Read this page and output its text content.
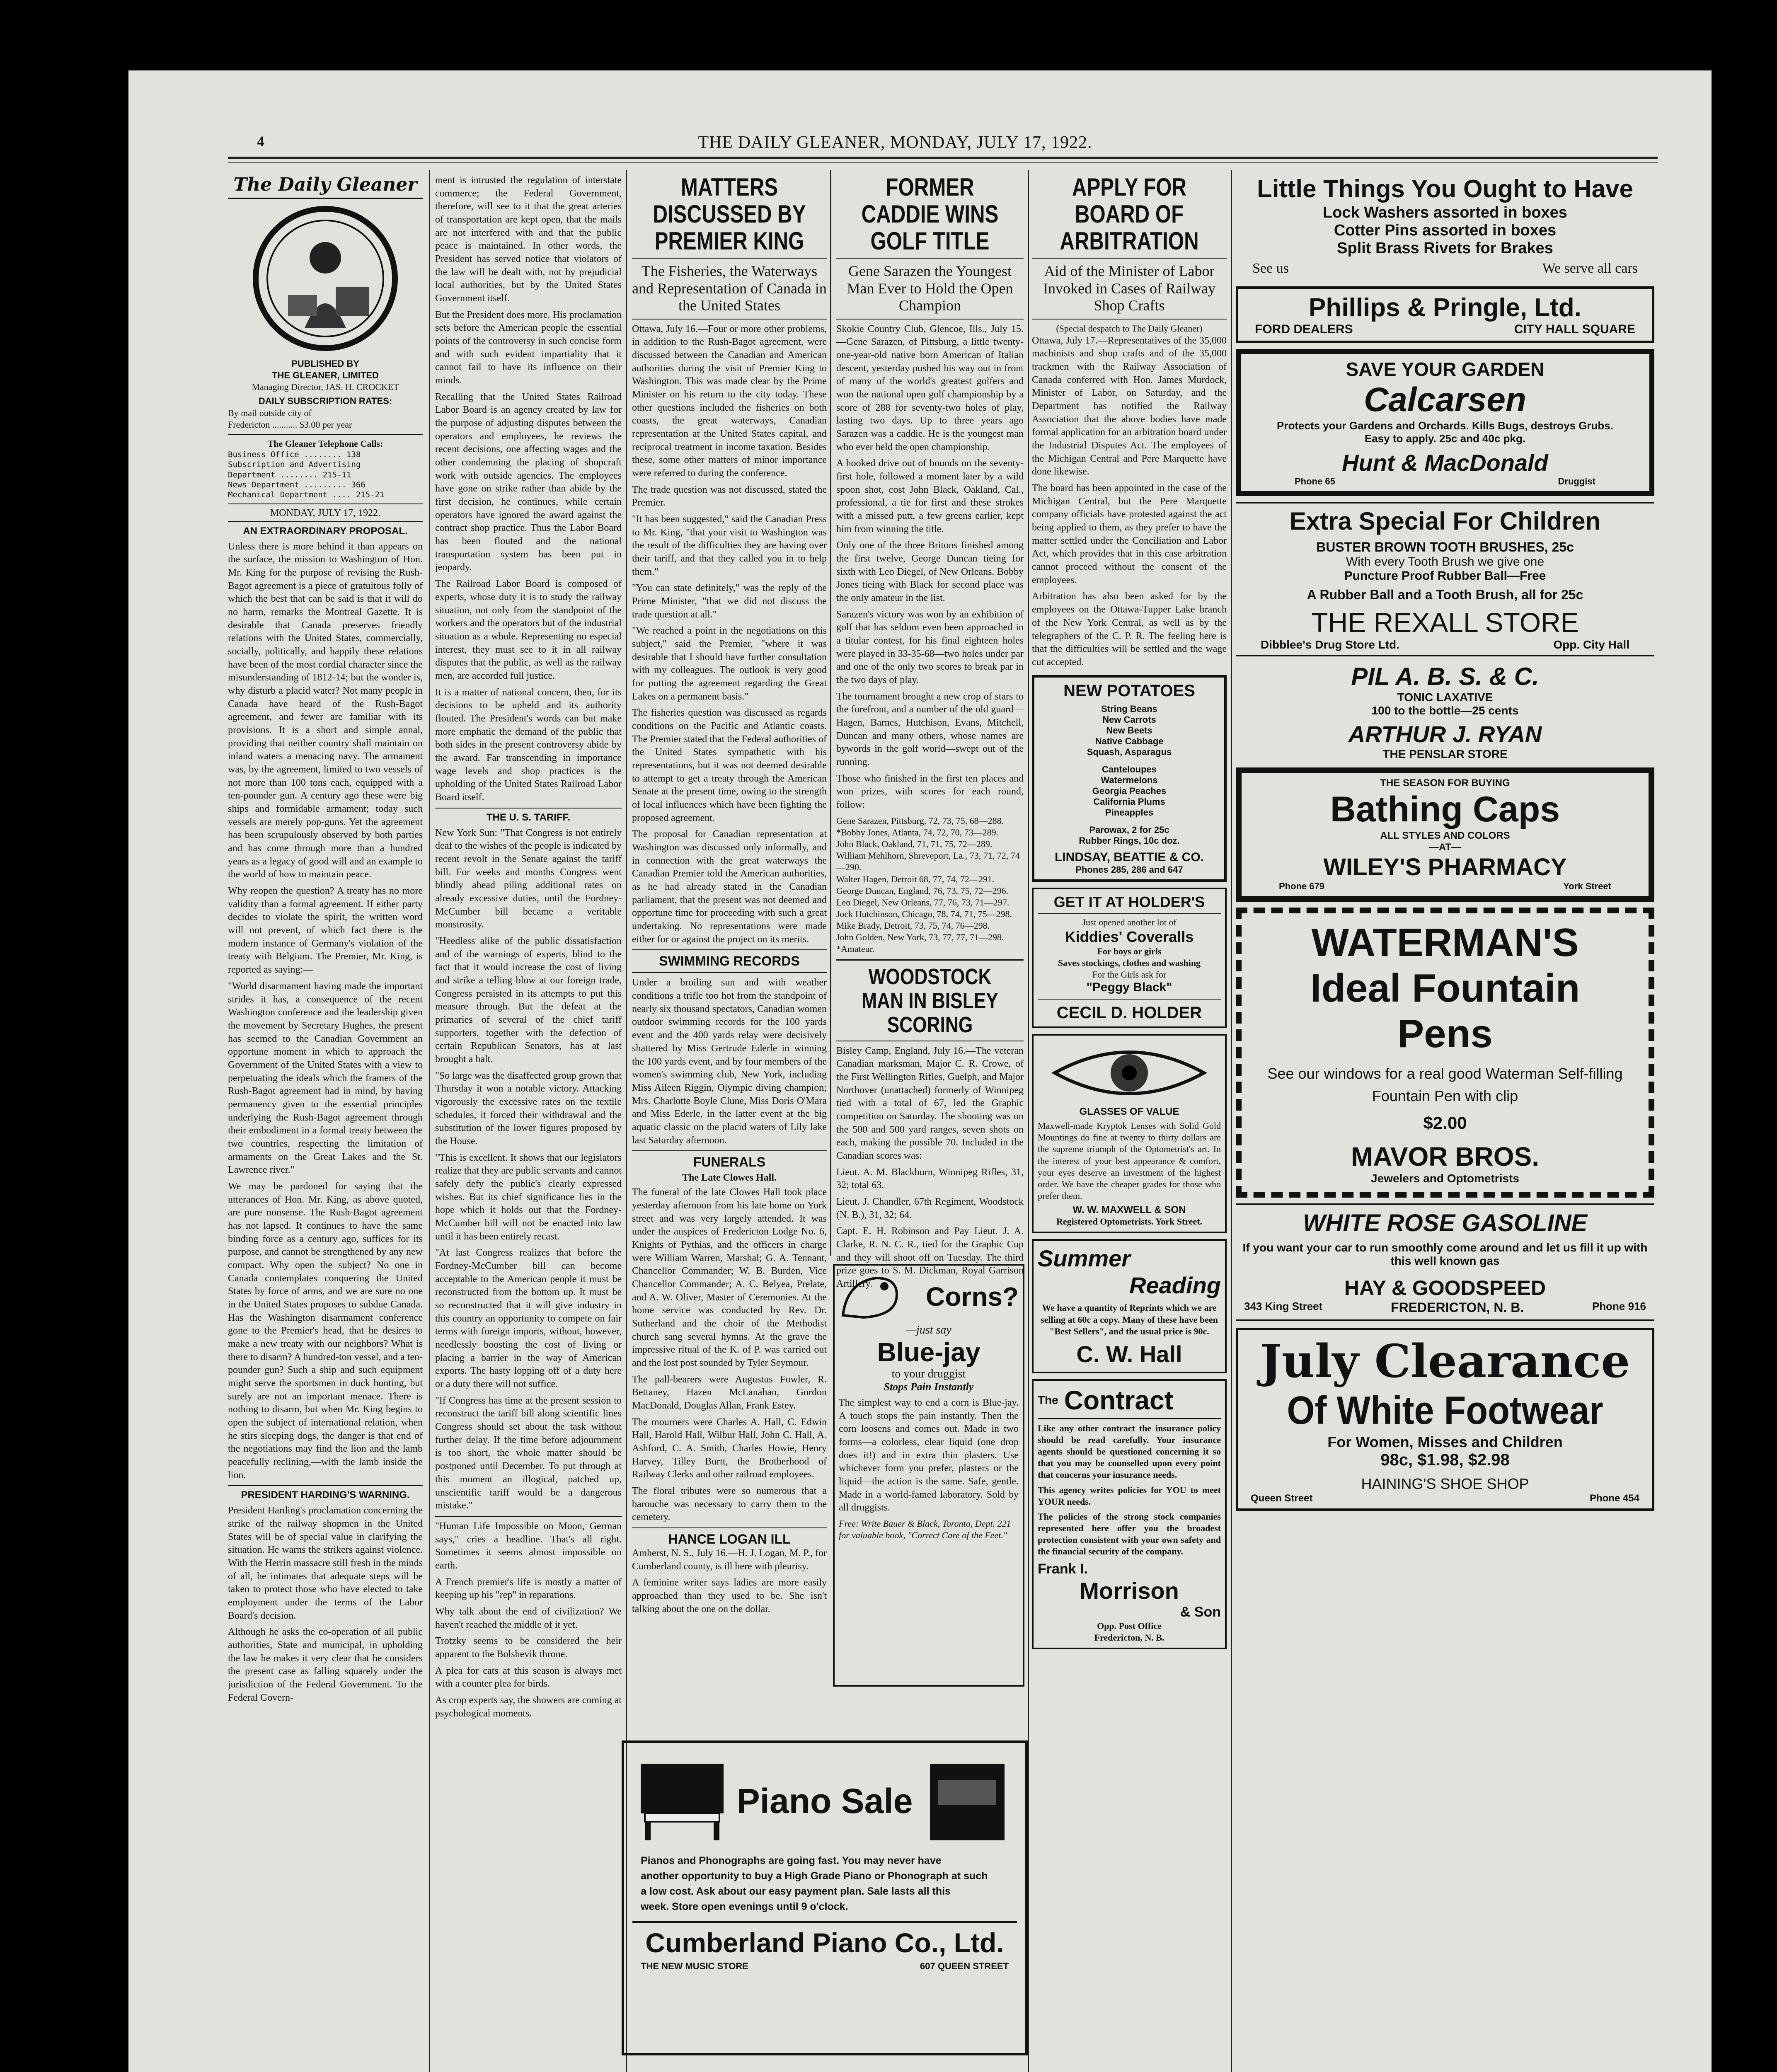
4	THE DAILY GLEANER, MONDAY, JULY 17, 1922.
The Daily Gleaner
PUBLISHED BY
THE GLEANER, LIMITED
Managing Director, JAS. H. CROCKET
DAILY SUBSCRIPTION RATES:
By mail outside city of
Fredericton ........... $3.00 per year
The Gleaner Telephone Calls:
Business Office ........ 138
Subscription and Advertising
Department ........ 215-11
News Department ......... 366
Mechanical Department .... 215-21
MONDAY, JULY 17, 1922.
AN EXTRAORDINARY PROPOSAL.

Unless there is more behind it than appears on the surface, the mission to Washington of Hon. Mr. King for the purpose of revising the Rush-Bagot agreement is a piece of gratuitous folly of which the best that can be said is that it will do no harm, remarks the Montreal Gazette. It is desirable that Canada preserves friendly relations with the United States, commercially, socially, politically, and happily these relations have been of the most cordial character since the misunderstanding of 1812-14; but the wonder is, why disturb a placid water? Not many people in Canada have heard of the Rush-Bagot agreement, and fewer are familiar with its provisions. It is a short and simple annal, providing that neither country shall maintain on inland waters a menacing navy. The armament was, by the agreement, limited to two vessels of not more than 100 tons each, equipped with a ten-pounder gun. A century ago these were big ships and formidable armament; today such vessels are merely pop-guns. Yet the agreement has been scrupulously observed by both parties and has come through more than a hundred years as a legacy of good will and an example to the world of how to maintain peace.

Why reopen the question? A treaty has no more validity than a formal agreement. If either party decides to violate the spirit, the written word will not prevent, of which fact there is the modern instance of Germany's violation of the treaty with Belgium. The Premier, Mr. King, is reported as saying:—

"World disarmament having made the important strides it has, a consequence of the recent Washington conference and the leadership given the movement by Secretary Hughes, the present has seemed to the Canadian Government an opportune moment in which to approach the Government of the United States with a view to perpetuating the ideals which the framers of the Rush-Bagot agreement had in mind, by having permanency given to the essential principles underlying the Rush-Bagot agreement through their embodiment in a formal treaty between the two countries, respecting the limitation of armaments on the Great Lakes and the St. Lawrence river."

We may be pardoned for saying that the utterances of Hon. Mr. King, as above quoted, are pure nonsense. The Rush-Bagot agreement has not lapsed. It continues to have the same binding force as a century ago, suffices for its purpose, and cannot be strengthened by any new compact. Why open the subject? No one in Canada contemplates conquering the United States by force of arms, and we are sure no one in the United States proposes to subdue Canada. Has the Washington disarmament conference gone to the Premier's head, that he desires to make a new treaty with our neighbors? What is there to disarm? A hundred-ton vessel, and a ten-pounder gun? Such a ship and such equipment might serve the sportsmen in duck hunting, but surely are not an important menace. There is nothing to disarm, but when Mr. King begins to open the subject of international relation, when he stirs sleeping dogs, the danger is that end of the negotiations may find the lion and the lamb peacefully reclining,—with the lamb inside the lion.

PRESIDENT HARDING'S WARNING.

President Harding's proclamation concerning the strike of the railway shopmen in the United States will be of special value in clarifying the situation. He warns the strikers against violence. With the Herrin massacre still fresh in the minds of all, he intimates that adequate steps will be taken to protect those who have elected to take employment under the terms of the Labor Board's decision.

Although he asks the co-operation of all public authorities, State and municipal, in upholding the law he makes it very clear that he considers the present case as falling squarely under the jurisdiction of the Federal Government. To the Federal Govern-

ment is intrusted the regulation of interstate commerce; the Federal Government, therefore, will see to it that the great arteries of transportation are kept open, that the mails are not interfered with and that the public peace is maintained. In other words, the President has served notice that violators of the law will be dealt with, not by prejudicial local authorities, but by the United States Government itself.

But the President does more. His proclamation sets before the American people the essential points of the controversy in such concise form and with such evident impartiality that it cannot fail to have its influence on their minds.

Recalling that the United States Railroad Labor Board is an agency created by law for the purpose of adjusting disputes between the operators and employees, he reviews the recent decisions, one affecting wages and the other condemning the placing of shopcraft work with outside agencies. The employees have gone on strike rather than abide by the first decision, he continues, while certain operators have ignored the award against the contract shop practice. Thus the Labor Board has been flouted and the national transportation system has been put in jeopardy.

The Railroad Labor Board is composed of experts, whose duty it is to study the railway situation, not only from the standpoint of the workers and the operators but of the industrial situation as a whole. Representing no especial interest, they must see to it in all railway disputes that the public, as well as the railway men, are accorded full justice.

It is a matter of national concern, then, for its decisions to be upheld and its authority flouted. The President's words can but make more emphatic the demand of the public that both sides in the present controversy abide by the award. Far transcending in importance wage levels and shop practices is the upholding of the United States Railroad Labor Board itself.

THE U. S. TARIFF.

New York Sun: "That Congress is not entirely deaf to the wishes of the people is indicated by recent revolt in the Senate against the tariff bill. For weeks and months Congress went blindly ahead piling additional rates on already excessive duties, until the Fordney-McCumber bill became a veritable monstrosity.

"Heedless alike of the public dissatisfaction and of the warnings of experts, blind to the fact that it would increase the cost of living and strike a telling blow at our foreign trade, Congress persisted in its attempts to put this measure through. But the defeat at the primaries of several of the chief tariff supporters, together with the defection of certain Republican Senators, has at last brought a halt.

"So large was the disaffected group grown that Thursday it won a notable victory. Attacking vigorously the excessive rates on the textile schedules, it forced their withdrawal and the substitution of the lower figures proposed by the House.

"This is excellent. It shows that our legislators realize that they are public servants and cannot safely defy the public's clearly expressed wishes. But its chief significance lies in the hope which it holds out that the Fordney-McCumber bill will not be enacted into law until it has been entirely recast.

"At last Congress realizes that before the Fordney-McCumber bill can become acceptable to the American people it must be reconstructed from the bottom up. It must be so reconstructed that it will give industry in this country an opportunity to compete on fair terms with foreign imports, without, however, needlessly boosting the cost of living or placing a barrier in the way of American exports. The hasty lopping off of a duty here or a duty there will not suffice.

"If Congress has time at the present session to reconstruct the tariff bill along scientific lines Congress should set about the task without further delay. If the time before adjournment is too short, the whole matter should be postponed until December. To put through at this moment an illogical, patched up, unscientific tariff would be a dangerous mistake."

"Human Life Impossible on Moon, German says," cries a headline. That's all right. Sometimes it seems almost impossible on earth.

A French premier's life is mostly a matter of keeping up his "rep" in reparations.

Why talk about the end of civilization? We haven't reached the middle of it yet.

Trotzky seems to be considered the heir apparent to the Bolshevik throne.

A plea for cats at this season is always met with a counter plea for birds.

As crop experts say, the showers are coming at psychological moments.

MATTERS DISCUSSED BY PREMIER KING
The Fisheries, the Waterways and Representation of Canada in the United States

Ottawa, July 16.—Four or more other problems, in addition to the Rush-Bagot agreement, were discussed between the Canadian and American authorities during the visit of Premier King to Washington. This was made clear by the Prime Minister on his return to the city today. These other questions included the fisheries on both coasts, the great waterways, Canadian representation at the United States capital, and reciprocal treatment in income taxation. Besides these, some other matters of minor importance were referred to during the conference.

The trade question was not discussed, stated the Premier.

"It has been suggested," said the Canadian Press to Mr. King, "that your visit to Washington was the result of the difficulties they are having over their tariff, and that they called you in to help them."

"You can state definitely," was the reply of the Prime Minister, "that we did not discuss the trade question at all."

"We reached a point in the negotiations on this subject," said the Premier, "where it was desirable that I should have further consultation with my colleagues. The outlook is very good for putting the agreement regarding the Great Lakes on a permanent basis."

The fisheries question was discussed as regards conditions on the Pacific and Atlantic coasts. The Premier stated that the Federal authorities of the United States sympathetic with his representations, but it was not deemed desirable to attempt to get a treaty through the American Senate at the present time, owing to the strength of local influences which have been fighting the proposed agreement.

The proposal for Canadian representation at Washington was discussed only informally, and in connection with the great waterways the Canadian Premier told the American authorities, as he had already stated in the Canadian parliament, that the present was not deemed and opportune time for proceeding with such a great undertaking. No representations were made either for or against the project on its merits.

SWIMMING RECORDS

Under a broiling sun and with weather conditions a trifle too hot from the standpoint of nearly six thousand spectators, Canadian women outdoor swimming records for the 100 yards event and the 400 yards relay were decisively shattered by Miss Gertrude Ederle in winning the 100 yards event, and by four members of the women's swimming club, New York, including Miss Aileen Riggin, Olympic diving champion; Mrs. Charlotte Boyle Clune, Miss Doris O'Mara and Miss Ederle, in the latter event at the big aquatic classic on the placid waters of Lily lake last Saturday afternoon.

FUNERALS
The Late Clowes Hall.

The funeral of the late Clowes Hall took place yesterday afternoon from his late home on York street and was very largely attended. It was under the auspices of Fredericton Lodge No. 6, Knights of Pythias, and the officers in charge were William Warren, Marshal; G. A. Tennant, Chancellor Commander; W. B. Burden, Vice Chancellor Commander; A. C. Belyea, Prelate, and A. W. Oliver, Master of Ceremonies. At the home service was conducted by Rev. Dr. Sutherland and the choir of the Methodist church sang several hymns. At the grave the impressive ritual of the K. of P. was carried out and the lost post sounded by Tyler Seymour.

The pall-bearers were Augustus Fowler, R. Bettaney, Hazen McLanahan, Gordon MacDonald, Douglas Allan, Frank Estey.

The mourners were Charles A. Hall, C. Edwin Hall, Harold Hall, Wilbur Hall, John C. Hall, A. Ashford, C. A. Smith, Charles Howie, Henry Harvey, Tilley Burtt, the Brotherhood of Railway Clerks and other railroad employees.

The floral tributes were so numerous that a barouche was necessary to carry them to the cemetery.

HANCE LOGAN ILL

Amherst, N. S., July 16.—H. J. Logan, M. P., for Cumberland county, is ill here with pleurisy.

A feminine writer says ladies are more easily approached than they used to be. She isn't talking about the one on the dollar.

FORMER CADDIE WINS GOLF TITLE
Gene Sarazen the Youngest Man Ever to Hold the Open Champion

Skokie Country Club, Glencoe, Ills., July 15.—Gene Sarazen, of Pittsburg, a little twenty-one-year-old native born American of Italian descent, yesterday pushed his way out in front of many of the world's greatest golfers and won the national open golf championship by a score of 288 for seventy-two holes of play, lasting two days. Up to three years ago Sarazen was a caddie. He is the youngest man who ever held the open championship.

A hooked drive out of bounds on the seventy-first hole, followed a moment later by a wild spoon shot, cost John Black, Oakland, Cal., professional, a tie for first and these strokes with a missed putt, a few greens earlier, kept him from winning the title.

Only one of the three Britons finished among the first twelve, George Duncan tieing for sixth with Leo Diegel, of New Orleans. Bobby Jones tieing with Black for second place was the only amateur in the list.

Sarazen's victory was won by an exhibition of golf that has seldom even been approached in a titular contest, for his final eighteen holes were played in 33-35-68—two holes under par and one of the only two scores to break par in the two days of play.

The tournament brought a new crop of stars to the forefront, and a number of the old guard—Hagen, Barnes, Hutchison, Evans, Mitchell, Duncan and many others, whose names are bywords in the golf world—swept out of the running.

Those who finished in the first ten places and won prizes, with scores for each round, follow:

Gene Sarazen, Pittsburg, 72, 73, 75, 68—288.
*Bobby Jones, Atlanta, 74, 72, 70, 73—289.
John Black, Oakland, 71, 71, 75, 72—289.
William Mehlhorn, Shreveport, La., 73, 71, 72, 74—290.
Walter Hagen, Detroit 68, 77, 74, 72—291.
George Duncan, England, 76, 73, 75, 72—296.
Leo Diegel, New Orleans, 77, 76, 73, 71—297.
Jock Hutchinson, Chicago, 78, 74, 71, 75—298.
Mike Brady, Detroit, 73, 75, 74, 76—298.
John Golden, New York, 73, 77, 77, 71—298.
*Amateur.
WOODSTOCK MAN IN BISLEY SCORING

Bisley Camp, England, July 16.—The veteran Canadian marksman, Major C. R. Crowe, of the First Wellington Rifles, Guelph, and Major Northover (unattached) formerly of Winnipeg tied with a total of 67, led the Graphic competition on Saturday. The shooting was on the 500 and 500 yard ranges, seven shots on each, making the possible 70. Included in the Canadian scores was:

Lieut. A. M. Blackburn, Winnipeg Rifles, 31, 32; total 63.

Lieut. J. Chandler, 67th Regiment, Woodstock (N. B.), 31, 32; 64.

Capt. E. H. Robinson and Pay Lieut. J. A. Clarke, R. N. C. R., tied for the Graphic Cup and they will shoot off on Tuesday. The third prize goes to S. M. Dickman, Royal Garrison Artillery.	Corns?
—just say
Blue-jay
to your druggist
Stops Pain Instantly

The simplest way to end a corn is Blue-jay. A touch stops the pain instantly. Then the corn loosens and comes out. Made in two forms—a colorless, clear liquid (one drop does it!) and in extra thin plasters. Use whichever form you prefer, plasters or the liquid—the action is the same. Safe, gentle. Made in a world-famed laboratory. Sold by all druggists.

Free: Write Bauer & Black, Toronto, Dept. 221 for valuable book, "Correct Care of the Feet."

Piano Sale
Pianos and Phonographs are going fast. You may never have
another opportunity to buy a High Grade Piano or Phonograph at such
a low cost. Ask about our easy payment plan. Sale lasts all this
week. Store open evenings until 9 o'clock.
Cumberland Piano Co., Ltd.
THE NEW MUSIC STORE	607 QUEEN STREET
APPLY FOR BOARD OF ARBITRATION
Aid of the Minister of Labor Invoked in Cases of Railway Shop Crafts
(Special despatch to The Daily Gleaner)

Ottawa, July 17.—Representatives of the 35,000 machinists and shop crafts and of the 35,000 trackmen with the Railway Association of Canada conferred with Hon. James Murdock, Minister of Labor, on Saturday, and the Department has notified the Railway Association that the above bodies have made formal application for an arbitration board under the Industrial Disputes Act. The employees of the Michigan Central and Pere Marquette have done likewise.

The board has been appointed in the case of the Michigan Central, but the Pere Marquette company officials have protested against the act being applied to them, as they prefer to have the matter settled under the Conciliation and Labor Act, which provides that in this case arbitration cannot proceed without the consent of the employees.

Arbitration has also been asked for by the employees on the Ottawa-Tupper Lake branch of the New York Central, as well as by the telegraphers of the C. P. R. The feeling here is that the difficulties will be settled and the wage cut accepted.

NEW POTATOES
String Beans
New Carrots
New Beets
Native Cabbage
Squash, Asparagus
Canteloupes
Watermelons
Georgia Peaches
California Plums
Pineapples
Parowax, 2 for 25c
Rubber Rings, 10c doz.
LINDSAY, BEATTIE & CO.
Phones 285, 286 and 647
GET IT AT HOLDER'S
Just opened another lot of
Kiddies' Coveralls
For boys or girls
Saves stockings, clothes and washing
For the Girls ask for
"Peggy Black"
CECIL D. HOLDER
GLASSES OF VALUE

Maxwell-made Kryptok Lenses with Solid Gold Mountings do fine at twenty to thirty dollars are the supreme triumph of the Optometrist's art. In the interest of your best appearance & comfort, your eyes deserve an investment of the highest order. We have the cheaper grades for those who prefer them.

W. W. MAXWELL & SON
Registered Optometrists. York Street.
Summer
Reading

We have a quantity of Reprints which we are selling at 60c a copy. Many of these have been "Best Sellers", and the usual price is 90c.

C. W. Hall
The Contract

Like any other contract the insurance policy should be read carefully. Your insurance agents should be questioned concerning it so that you may be counselled upon every point that concerns your insurance needs.

This agency writes policies for YOU to meet YOUR needs.

The policies of the strong stock companies represented here offer you the broadest protection consistent with your own safety and the financial security of the company.

Frank I.
Morrison
& Son
Opp. Post Office
Fredericton, N. B.
Little Things You Ought to Have
Lock Washers assorted in boxes
Cotter Pins assorted in boxes
Split Brass Rivets for Brakes
See us	We serve all cars
Phillips & Pringle, Ltd.
FORD DEALERS	CITY HALL SQUARE
SAVE YOUR GARDEN
Calcarsen
Protects your Gardens and Orchards. Kills Bugs, destroys Grubs. Easy to apply. 25c and 40c pkg.
Hunt & MacDonald
Phone 65	Druggist
Extra Special For Children
BUSTER BROWN TOOTH BRUSHES, 25c
With every Tooth Brush we give one
Puncture Proof Rubber Ball—Free
A Rubber Ball and a Tooth Brush, all for 25c
THE REXALL STORE
Dibblee's Drug Store Ltd.	Opp. City Hall
PIL A. B. S. & C.
TONIC LAXATIVE
100 to the bottle—25 cents
ARTHUR J. RYAN
THE PENSLAR STORE
THE SEASON FOR BUYING
Bathing Caps
ALL STYLES AND COLORS
—AT—
WILEY'S PHARMACY
Phone 679	York Street
WATERMAN'S
Ideal Fountain
Pens
See our windows for a real good Waterman Self-filling Fountain Pen with clip
$2.00
MAVOR BROS.
Jewelers and Optometrists
WHITE ROSE GASOLINE
If you want your car to run smoothly come around and let us fill it up with this well known gas
HAY & GOODSPEED
343 King Street	FREDERICTON, N. B.	Phone 916
July Clearance
Of White Footwear
For Women, Misses and Children
98c, $1.98, $2.98
HAINING'S SHOE SHOP
Queen Street	Phone 454
